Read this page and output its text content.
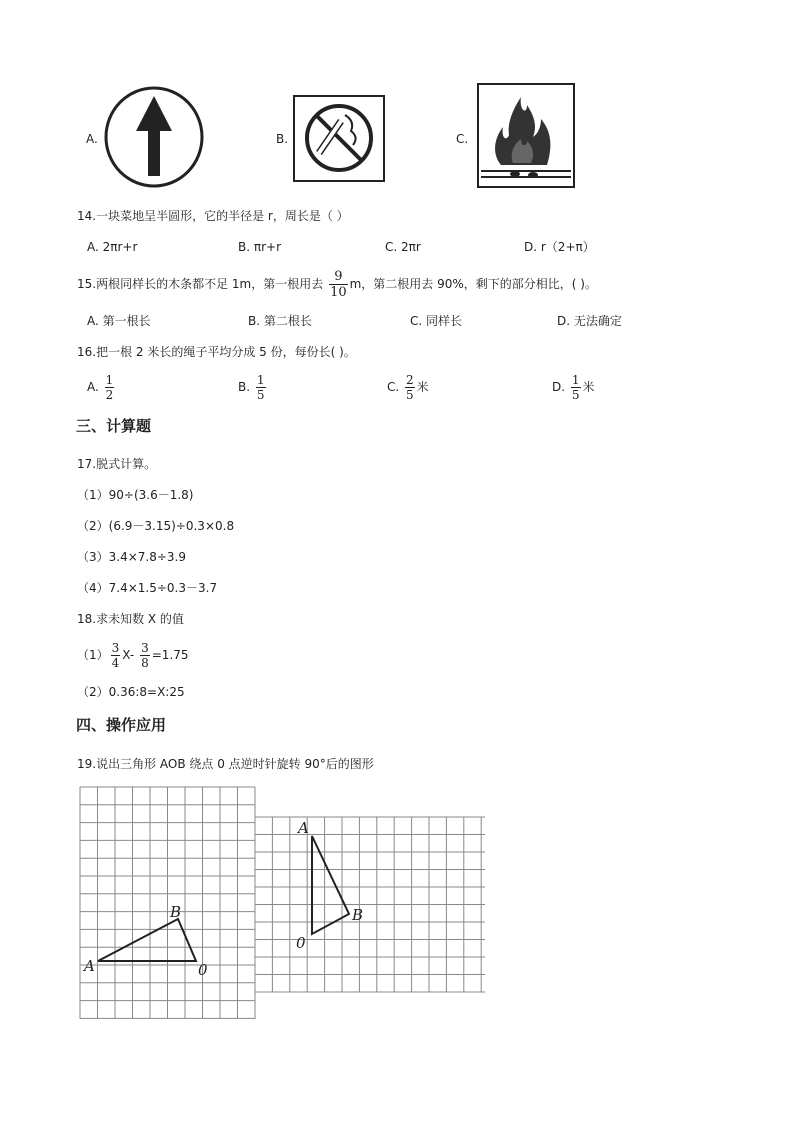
A.	B.	C.
14.一块菜地呈半圆形，它的半径是 r，周长是（ ）
A. 2πr+r	B. πr+r	C. 2πr	D. r（2+π）
15.两根同样长的木条都不足 1m，第一根用去 $\frac{9}{10}$ m，第二根用去 90%，剩下的部分相比，( )。
A. 第一根长	B. 第二根长	C. 同样长	D. 无法确定
16.把一根 2 米长的绳子平均分成 5 份，每份长( )。
A. $\frac{1}{2}$	B. $\frac{1}{5}$	C. $\frac{2}{5}$ 米	D. $\frac{1}{5}$ 米
三、计算题
17.脱式计算。
（1）90÷(3.6－1.8)
（2）(6.9－3.15)÷0.3×0.8
（3）3.4×7.8÷3.9
（4）7.4×1.5÷0.3－3.7
18.求未知数 X 的值
$(1) \frac{3}{4} X- \frac{3}{8} =1.75$
（2）0.36:8=X:25
四、操作应用
19.说出三角形 AOB 绕点 0 点逆时针旋转 90°后的图形
A
B
0
A
B
0
